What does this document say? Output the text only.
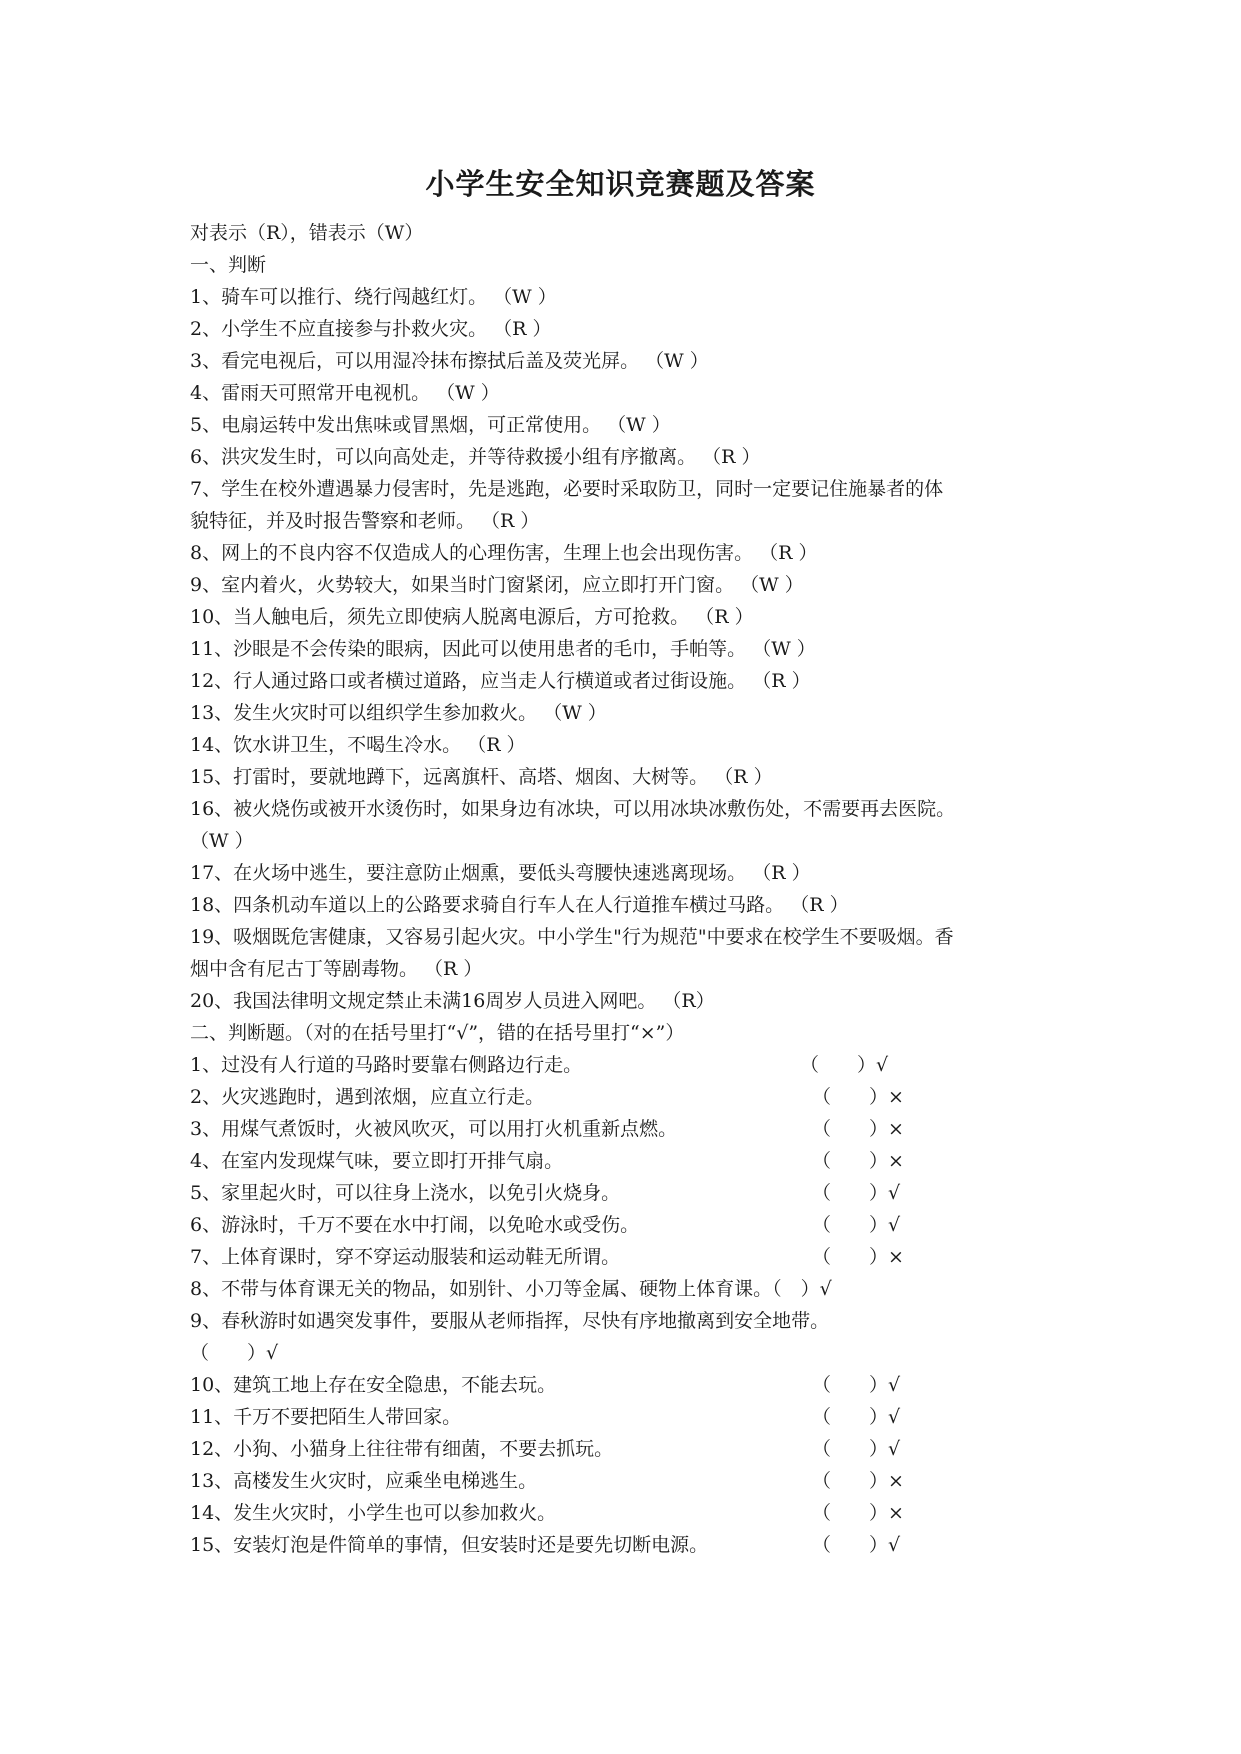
小学生安全知识竞赛题及答案
对表示（R），错表示（W）
一、判断
1、骑车可以推行、绕行闯越红灯。 （W ）
2、小学生不应直接参与扑救火灾。 （R ）
3、看完电视后，可以用湿冷抹布擦拭后盖及荧光屏。 （W ）
4、雷雨天可照常开电视机。 （W ）
5、电扇运转中发出焦味或冒黑烟，可正常使用。 （W ）
6、洪灾发生时，可以向高处走，并等待救援小组有序撤离。 （R ）
7、学生在校外遭遇暴力侵害时，先是逃跑，必要时采取防卫，同时一定要记住施暴者的体
貌特征，并及时报告警察和老师。 （R ）
8、网上的不良内容不仅造成人的心理伤害，生理上也会出现伤害。 （R ）
9、室内着火，火势较大，如果当时门窗紧闭，应立即打开门窗。 （W ）
10、当人触电后，须先立即使病人脱离电源后，方可抢救。 （R ）
11、沙眼是不会传染的眼病，因此可以使用患者的毛巾，手帕等。 （W ）
12、行人通过路口或者横过道路，应当走人行横道或者过街设施。 （R ）
13、发生火灾时可以组织学生参加救火。 （W ）
14、饮水讲卫生，不喝生冷水。 （R ）
15、打雷时，要就地蹲下，远离旗杆、高塔、烟囱、大树等。 （R ）
16、被火烧伤或被开水烫伤时，如果身边有冰块，可以用冰块冰敷伤处，不需要再去医院。
（W ）
17、在火场中逃生，要注意防止烟熏，要低头弯腰快速逃离现场。 （R ）
18、四条机动车道以上的公路要求骑自行车人在人行道推车横过马路。 （R ）
19、吸烟既危害健康，又容易引起火灾。中小学生"行为规范"中要求在校学生不要吸烟。香
烟中含有尼古丁等剧毒物。 （R ）
20、我国法律明文规定禁止未满16周岁人员进入网吧。 （R）
二、判断题。（对的在括号里打“√”，错的在括号里打“×”）
1、过没有人行道的马路时要靠右侧路边行走。	（　　）√
2、火灾逃跑时，遇到浓烟，应直立行走。	（　　）×
3、用煤气煮饭时，火被风吹灭，可以用打火机重新点燃。	（　　）×
4、在室内发现煤气味，要立即打开排气扇。	（　　）×
5、家里起火时，可以往身上浇水，以免引火烧身。	（　　）√
6、游泳时，千万不要在水中打闹，以免呛水或受伤。	（　　）√
7、上体育课时，穿不穿运动服装和运动鞋无所谓。	（　　）×
8、不带与体育课无关的物品，如别针、小刀等金属、硬物上体育课。（　）√
9、春秋游时如遇突发事件，要服从老师指挥，尽快有序地撤离到安全地带。
（　　）√
10、建筑工地上存在安全隐患，不能去玩。	（　　）√
11、千万不要把陌生人带回家。	（　　）√
12、小狗、小猫身上往往带有细菌，不要去抓玩。	（　　）√
13、高楼发生火灾时，应乘坐电梯逃生。	（　　）×
14、发生火灾时，小学生也可以参加救火。	（　　）×
15、安装灯泡是件简单的事情，但安装时还是要先切断电源。	（　　）√
